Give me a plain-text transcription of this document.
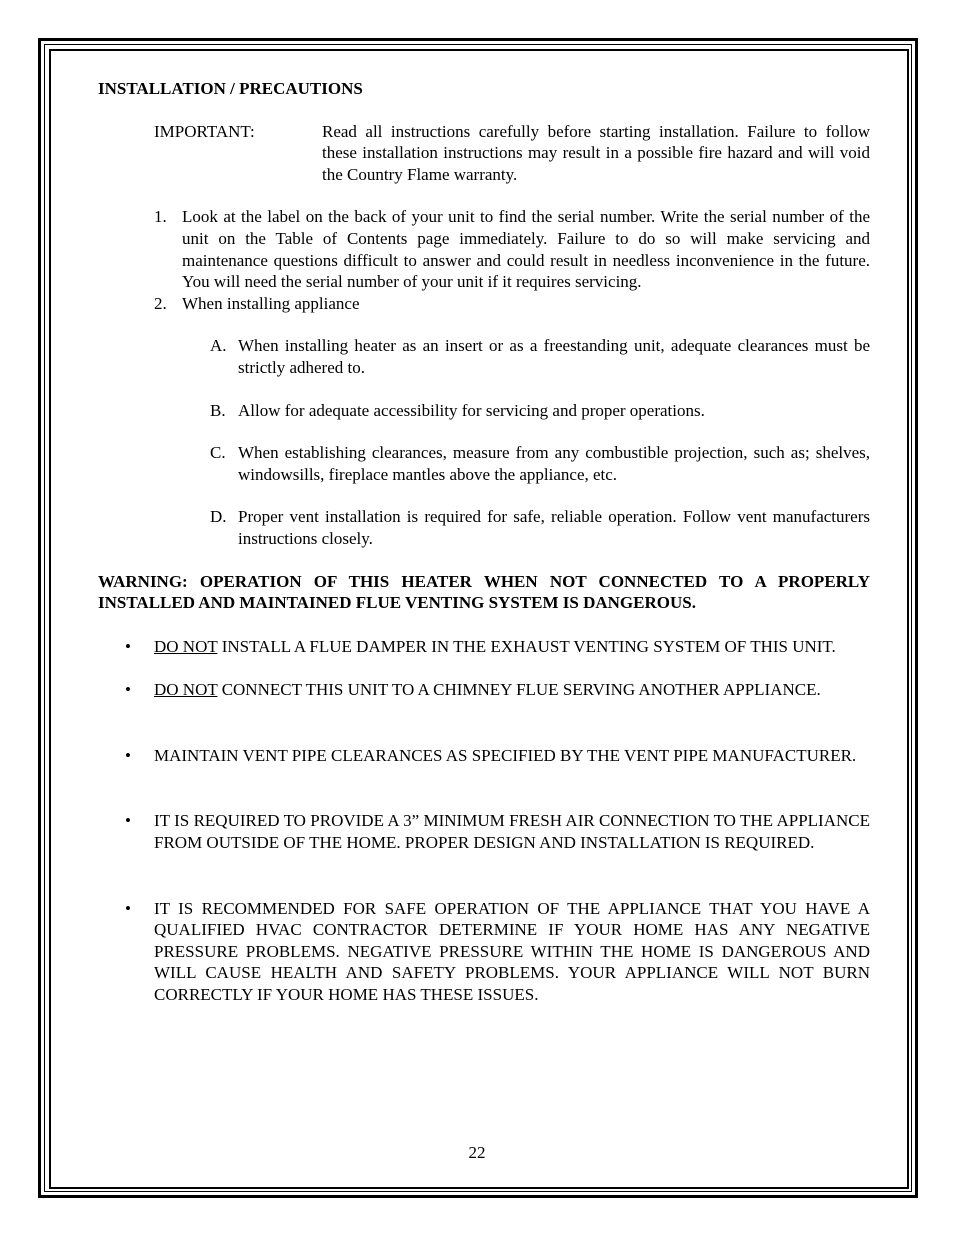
INSTALLATION / PRECAUTIONS

IMPORTANT:	Read all instructions carefully before starting installation. Failure to follow these installation instructions may result in a possible fire hazard and will void the Country Flame warranty.
1. Look at the label on the back of your unit to find the serial number. Write the serial number of the unit on the Table of Contents page immediately. Failure to do so will make servicing and maintenance questions difficult to answer and could result in needless inconvenience in the future. You will need the serial number of your unit if it requires servicing.
2. When installing appliance
A. When installing heater as an insert or as a freestanding unit, adequate clearances must be strictly adhered to.
B. Allow for adequate accessibility for servicing and proper operations.
C. When establishing clearances, measure from any combustible projection, such as; shelves, windowsills, fireplace mantles above the appliance, etc.
D. Proper vent installation is required for safe, reliable operation. Follow vent manufacturers instructions closely.
WARNING: OPERATION OF THIS HEATER WHEN NOT CONNECTED TO A PROPERLY INSTALLED AND MAINTAINED FLUE VENTING SYSTEM IS DANGEROUS.
•	DO NOT INSTALL A FLUE DAMPER IN THE EXHAUST VENTING SYSTEM OF THIS UNIT.
•	DO NOT CONNECT THIS UNIT TO A CHIMNEY FLUE SERVING ANOTHER APPLIANCE.
•	MAINTAIN VENT PIPE CLEARANCES AS SPECIFIED BY THE VENT PIPE MANUFACTURER.
•	IT IS REQUIRED TO PROVIDE A 3” MINIMUM FRESH AIR CONNECTION TO THE APPLIANCE FROM OUTSIDE OF THE HOME. PROPER DESIGN AND INSTALLATION IS REQUIRED.
•	IT IS RECOMMENDED FOR SAFE OPERATION OF THE APPLIANCE THAT YOU HAVE A QUALIFIED HVAC CONTRACTOR DETERMINE IF YOUR HOME HAS ANY NEGATIVE PRESSURE PROBLEMS. NEGATIVE PRESSURE WITHIN THE HOME IS DANGEROUS AND WILL CAUSE HEALTH AND SAFETY PROBLEMS. YOUR APPLIANCE WILL NOT BURN CORRECTLY IF YOUR HOME HAS THESE ISSUES.
22
